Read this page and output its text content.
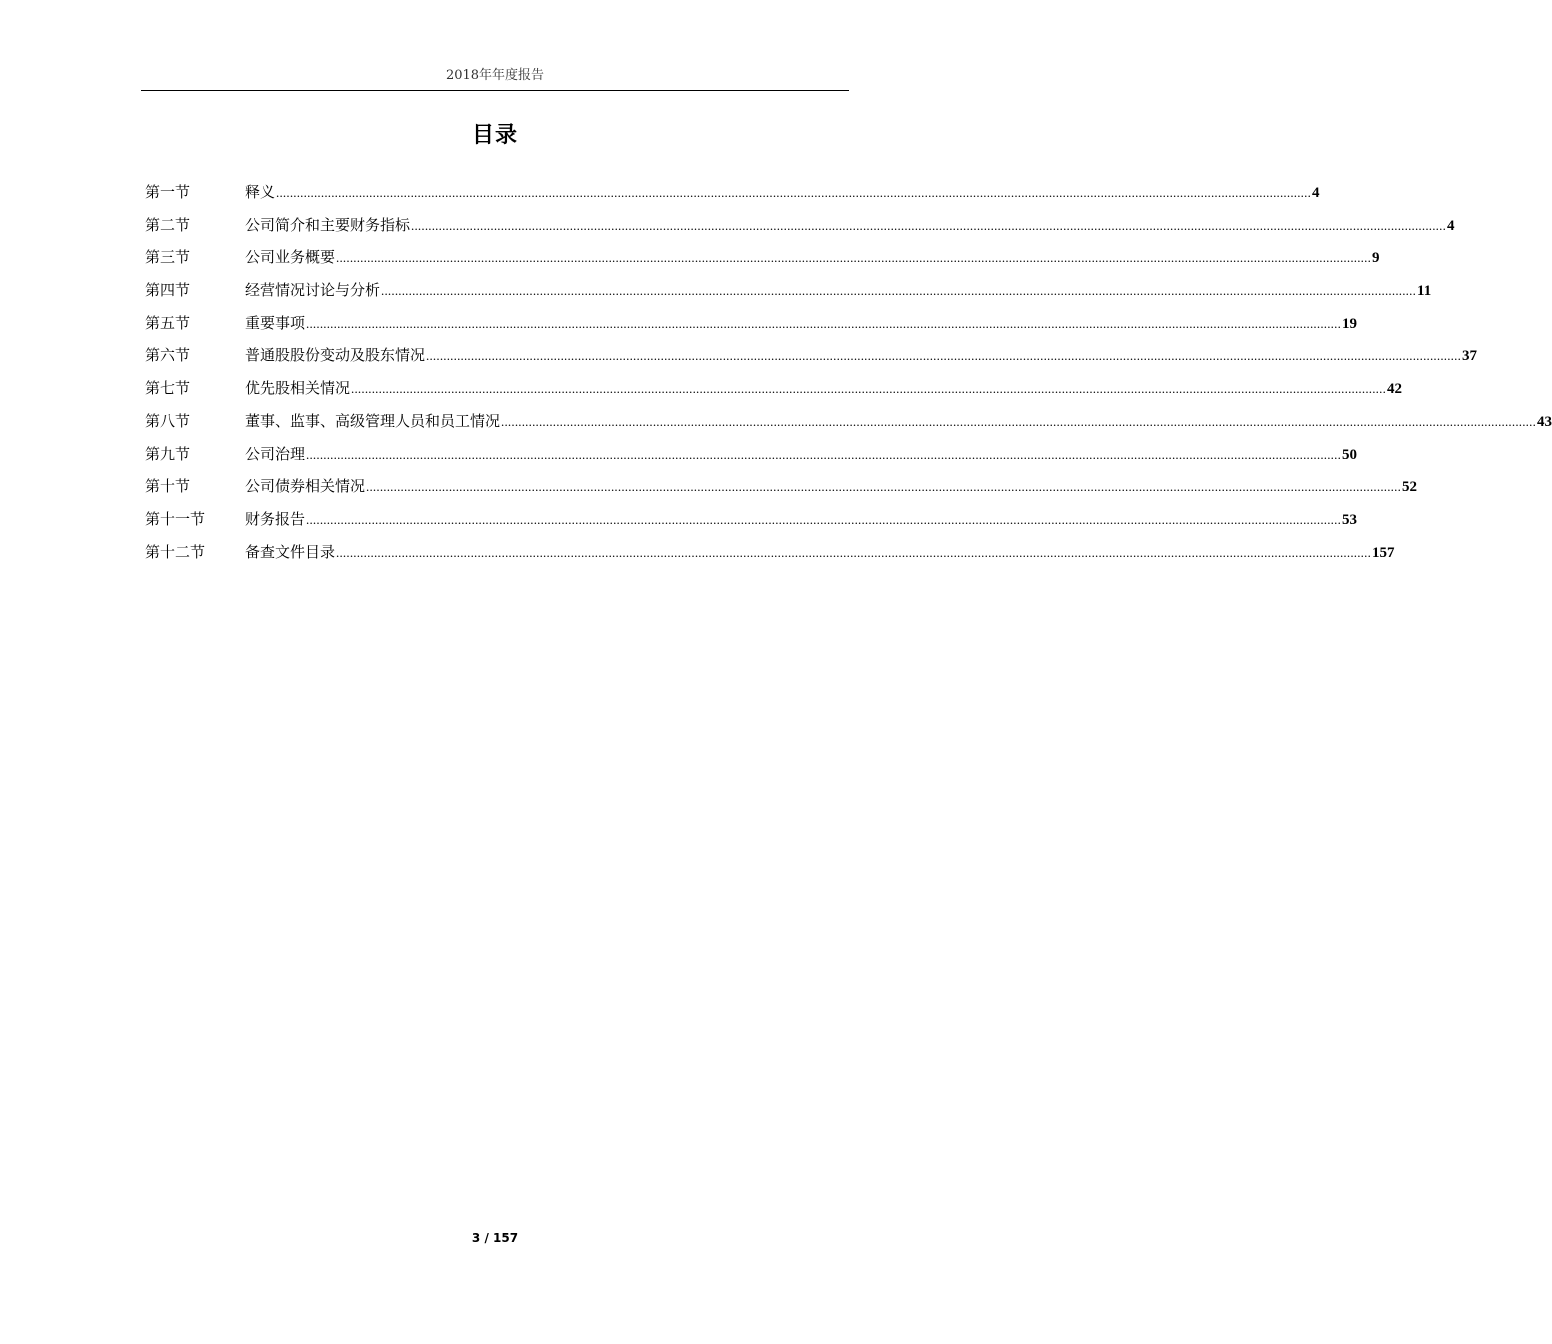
2018年年度报告
目录
第一节	释义 ............................................................................................................................................................................................................................................................................................................ 4
第二节	公司简介和主要财务指标 ............................................................................................................................................................................................................................................................................................................ 4
第三节	公司业务概要 ............................................................................................................................................................................................................................................................................................................ 9
第四节	经营情况讨论与分析 ............................................................................................................................................................................................................................................................................................................ 11
第五节	重要事项 ............................................................................................................................................................................................................................................................................................................ 19
第六节	普通股股份变动及股东情况 ............................................................................................................................................................................................................................................................................................................ 37
第七节	优先股相关情况 ............................................................................................................................................................................................................................................................................................................ 42
第八节	董事、监事、高级管理人员和员工情况 ............................................................................................................................................................................................................................................................................................................ 43
第九节	公司治理 ............................................................................................................................................................................................................................................................................................................ 50
第十节	公司债券相关情况 ............................................................................................................................................................................................................................................................................................................ 52
第十一节	财务报告 ............................................................................................................................................................................................................................................................................................................ 53
第十二节	备查文件目录 ............................................................................................................................................................................................................................................................................................................ 157
3 / 157
